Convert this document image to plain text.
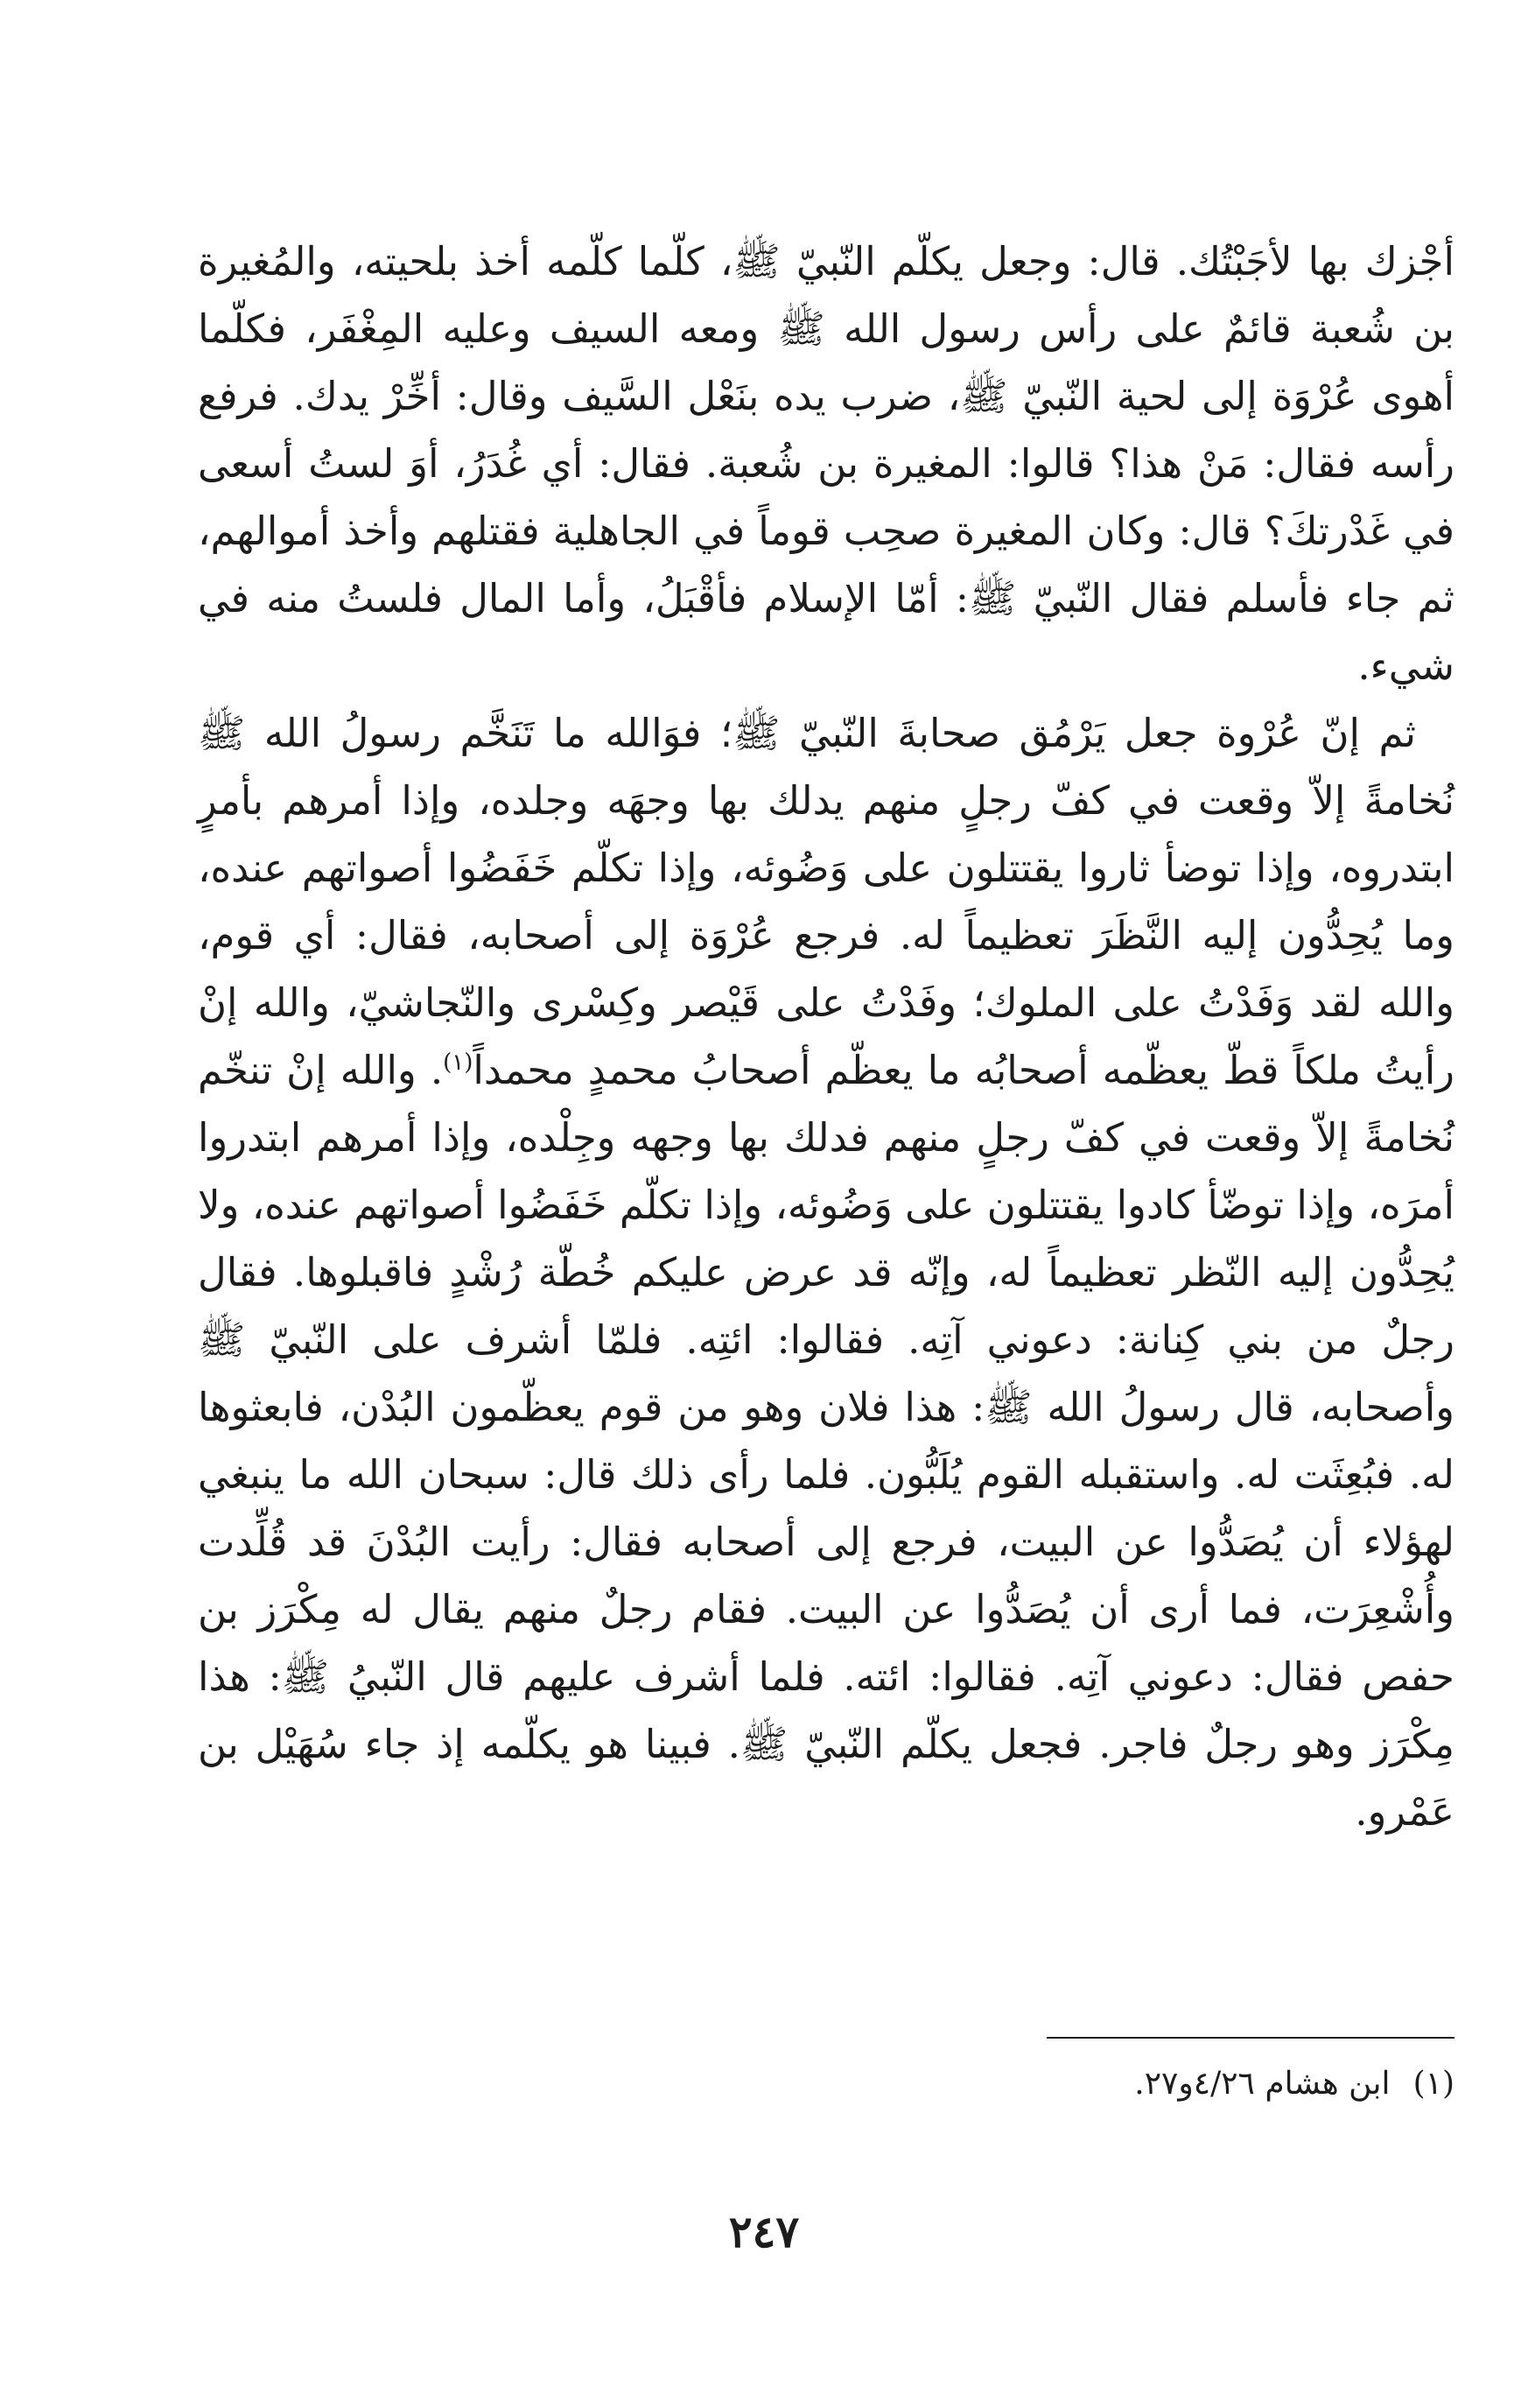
أجْزك بها لأجَبْتُك. قال: وجعل يكلّم النّبيّ ﷺ، كلّما كلّمه أخذ بلحيته، والمُغيرة بن شُعبة قائمٌ على رأس رسول الله ﷺ ومعه السيف وعليه المِغْفَر، فكلّما أهوى عُرْوَة إلى لحية النّبيّ ﷺ، ضرب يده بنَعْل السَّيف وقال: أخِّرْ يدك. فرفع رأسه فقال: مَنْ هذا؟ قالوا: المغيرة بن شُعبة. فقال: أي غُدَرُ، أوَ لستُ أسعى في غَدْرتكَ؟ قال: وكان المغيرة صحِب قوماً في الجاهلية فقتلهم وأخذ أموالهم، ثم جاء فأسلم فقال النّبيّ ﷺ: أمّا الإسلام فأقْبَلُ، وأما المال فلستُ منه في شيء.

ثم إنّ عُرْوة جعل يَرْمُق صحابةَ النّبيّ ﷺ؛ فوَالله ما تَنَخَّم رسولُ الله ﷺ نُخامةً إلاّ وقعت في كفّ رجلٍ منهم يدلك بها وجهَه وجلده، وإذا أمرهم بأمرٍ ابتدروه، وإذا توضأ ثاروا يقتتلون على وَضُوئه، وإذا تكلّم خَفَضُوا أصواتهم عنده، وما يُحِدُّون إليه النَّظَرَ تعظيماً له. فرجع عُرْوَة إلى أصحابه، فقال: أي قوم، والله لقد وَفَدْتُ على الملوك؛ وفَدْتُ على قَيْصر وكِسْرى والنّجاشيّ، والله إنْ رأيتُ ملكاً قطّ يعظّمه أصحابُه ما يعظّم أصحابُ محمدٍ محمداً$^{(١)}$. والله إنْ تنخّم نُخامةً إلاّ وقعت في كفّ رجلٍ منهم فدلك بها وجهه وجِلْده، وإذا أمرهم ابتدروا أمرَه، وإذا توضّأ كادوا يقتتلون على وَضُوئه، وإذا تكلّم خَفَضُوا أصواتهم عنده، ولا يُحِدُّون إليه النّظر تعظيماً له، وإنّه قد عرض عليكم خُطّة رُشْدٍ فاقبلوها. فقال رجلٌ من بني كِنانة: دعوني آتِه. فقالوا: ائتِه. فلمّا أشرف على النّبيّ ﷺ وأصحابه، قال رسولُ الله ﷺ: هذا فلان وهو من قوم يعظّمون البُدْن، فابعثوها له. فبُعِثَت له. واستقبله القوم يُلَبُّون. فلما رأى ذلك قال: سبحان الله ما ينبغي لهؤلاء أن يُصَدُّوا عن البيت، فرجع إلى أصحابه فقال: رأيت البُدْنَ قد قُلِّدت وأُشْعِرَت، فما أرى أن يُصَدُّوا عن البيت. فقام رجلٌ منهم يقال له مِكْرَز بن حفص فقال: دعوني آتِه. فقالوا: ائته. فلما أشرف عليهم قال النّبيُ ﷺ: هذا مِكْرَز وهو رجلٌ فاجر. فجعل يكلّم النّبيّ ﷺ. فبينا هو يكلّمه إذ جاء سُهَيْل بن عَمْرو.

(١)ابن هشام ٤/٢٦و٢٧.
٢٤٧
